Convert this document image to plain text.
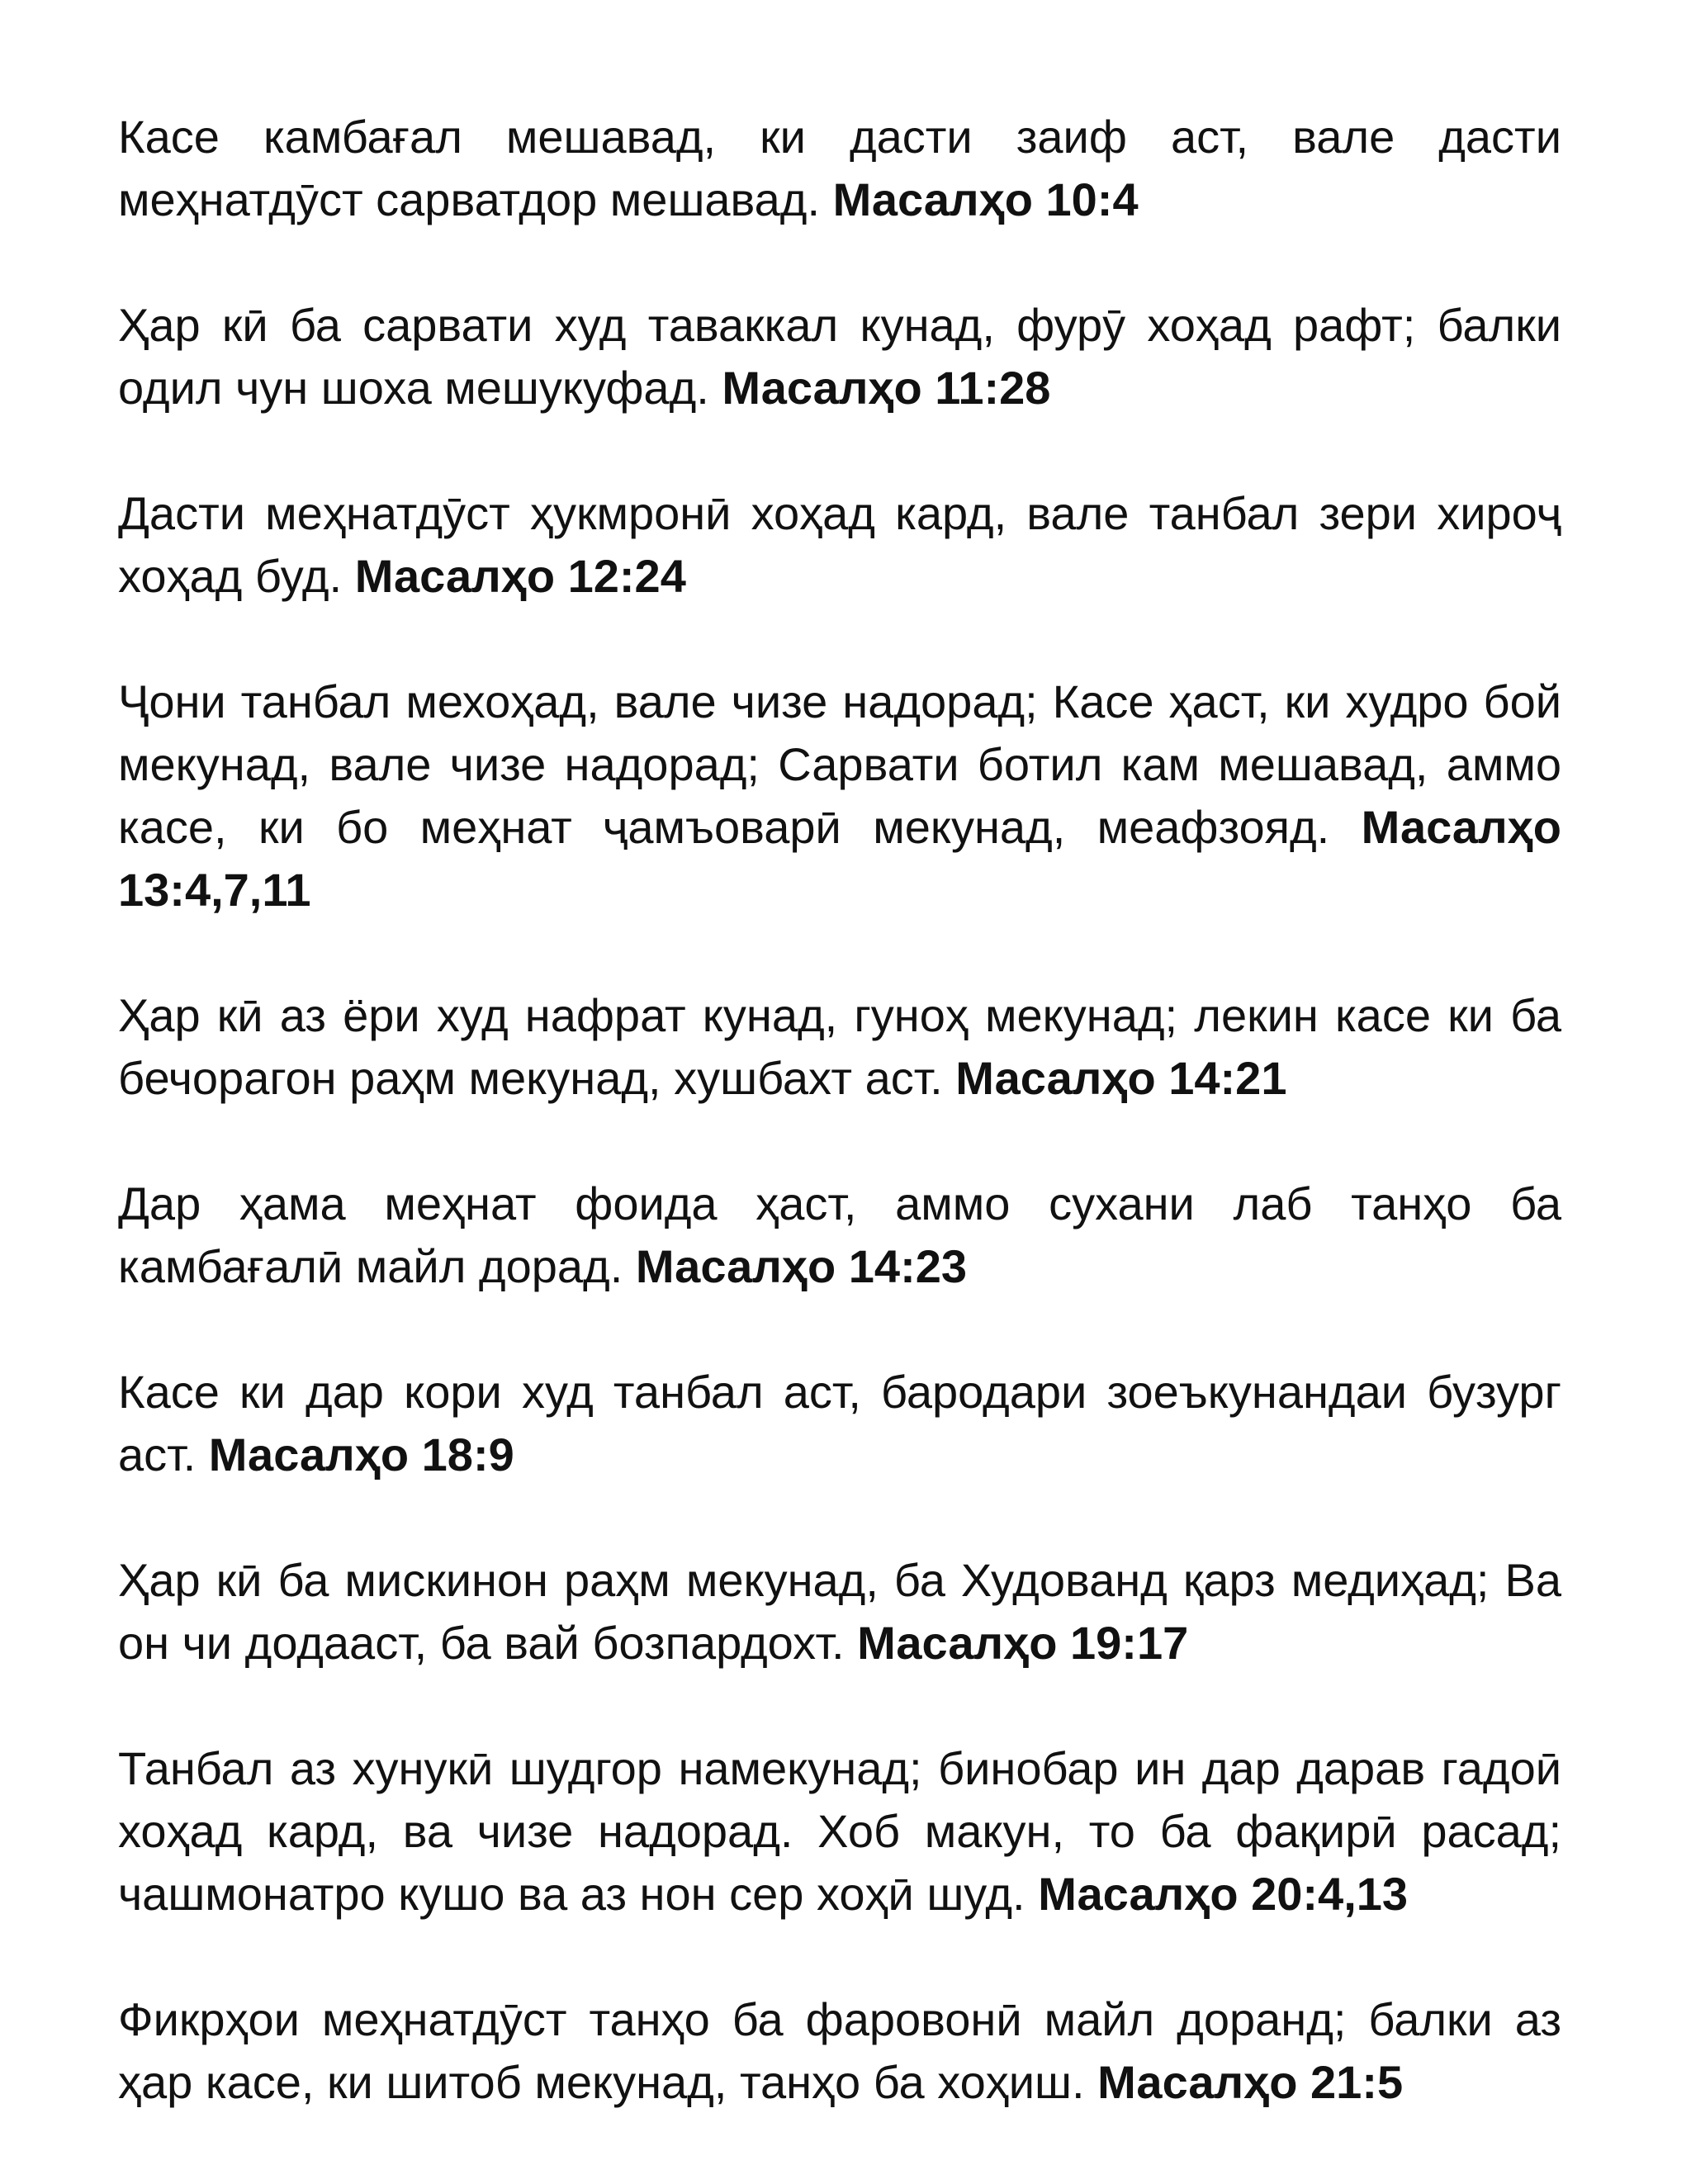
Касе камбағал мешавад, ки дасти заиф аст, вале дасти меҳнатдӯст сарватдор мешавад. Масалҳо 10:4

Ҳар кӣ ба сарвати худ таваккал кунад, фурӯ хоҳад рафт; балки одил чун шоха мешукуфад. Масалҳо 11:28

Дасти меҳнатдӯст ҳукмронӣ хоҳад кард, вале танбал зери хироҷ хоҳад буд. Масалҳо 12:24

Ҷони танбал мехоҳад, вале чизе надорад; Касе ҳаст, ки худро бой мекунад, вале чизе надорад; Сарвати ботил кам мешавад, аммо касе, ки бо меҳнат ҷамъоварӣ мекунад, меафзояд. Масалҳо 13:4,7,11

Ҳар кӣ аз ёри худ нафрат кунад, гуноҳ мекунад; лекин касе ки ба бечорагон раҳм мекунад, хушбахт аст. Масалҳо 14:21

Дар ҳама меҳнат фоида ҳаст, аммо сухани лаб танҳо ба камбағалӣ майл дорад. Масалҳо 14:23

Касе ки дар кори худ танбал аст, бародари зоеъкунандаи бузург аст. Масалҳо 18:9

Ҳар кӣ ба мискинон раҳм мекунад, ба Худованд қарз медиҳад; Ва он чи додааст, ба вай бозпардохт. Масалҳо 19:17

Танбал аз хунукӣ шудгор намекунад; бинобар ин дар дарав гадоӣ хоҳад кард, ва чизе надорад. Хоб макун, то ба фақирӣ расад; чашмонатро кушо ва аз нон сер хоҳӣ шуд. Масалҳо 20:4,13

Фикрҳои меҳнатдӯст танҳо ба фаровонӣ майл доранд; балки аз ҳар касе, ки шитоб мекунад, танҳо ба хоҳиш. Масалҳо 21:5
